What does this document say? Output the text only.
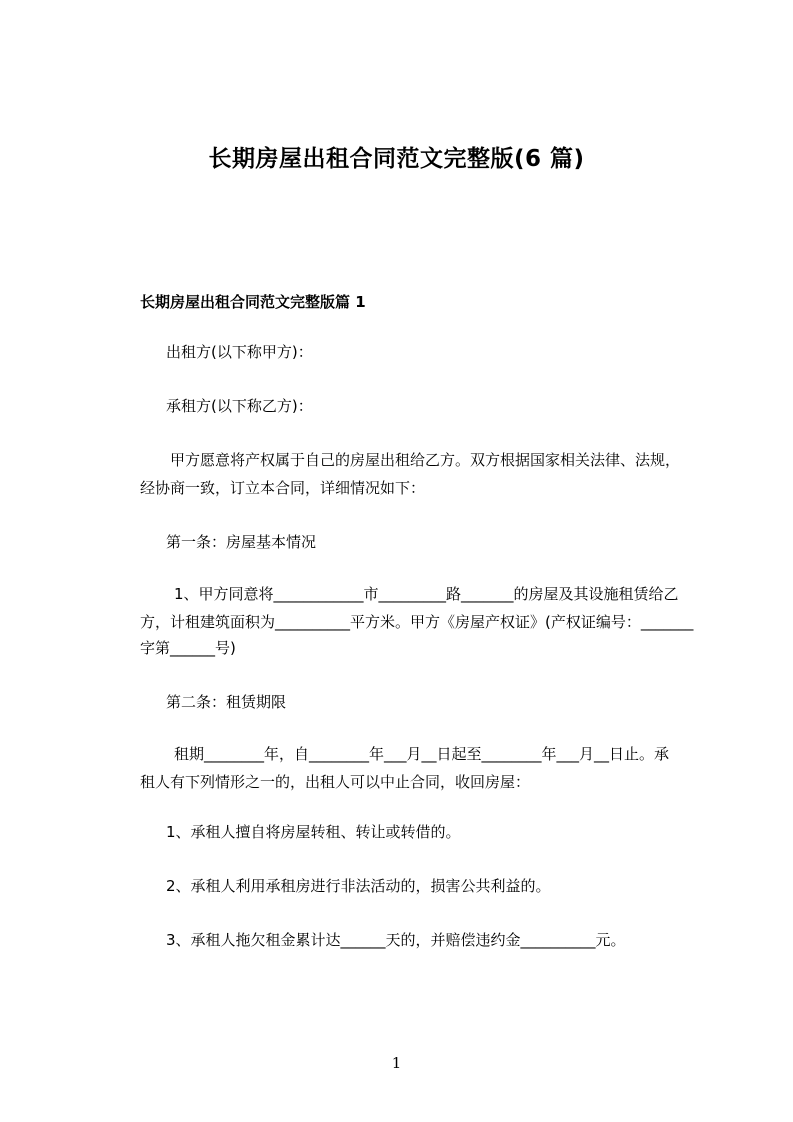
长期房屋出租合同范文完整版(6 篇)
长期房屋出租合同范文完整版篇 1
出租方(以下称甲方)：
承租方(以下称乙方)：
甲方愿意将产权属于自己的房屋出租给乙方。双方根据国家相关法律、法规，
经协商一致，订立本合同，详细情况如下：
第一条：房屋基本情况
1、甲方同意将____________市_________路_______的房屋及其设施租赁给乙
方，计租建筑面积为__________平方米。甲方《房屋产权证》(产权证编号：_______
字第______号)
第二条：租赁期限
租期________年，自________年___月__日起至________年___月__日止。承
租人有下列情形之一的，出租人可以中止合同，收回房屋：
1、承租人擅自将房屋转租、转让或转借的。
2、承租人利用承租房进行非法活动的，损害公共利益的。
3、承租人拖欠租金累计达______天的，并赔偿违约金__________元。
1
